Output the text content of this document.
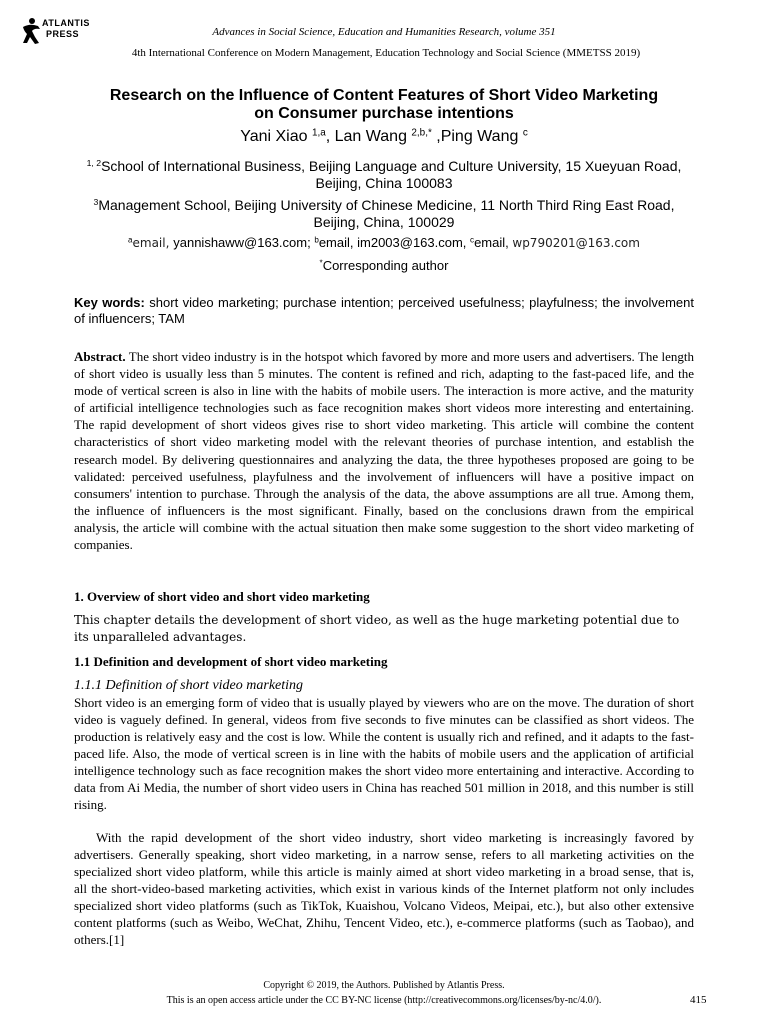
ATLANTIS
PRESS	Advances in Social Science, Education and Humanities Research, volume 351
4th International Conference on Modern Management, Education Technology and Social Science (MMETSS 2019)
Research on the Influence of Content Features of Short Video Marketing
on Consumer purchase intentions
Yani Xiao $^{1,a}$, Lan Wang $^{2,b,*}$ ,Ping Wang $^c$
$^{1, 2}$School of International Business, Beijing Language and Culture University, 15 Xueyuan Road,
Beijing, China 100083
$^3$Management School, Beijing University of Chinese Medicine, 11 North Third Ring East Road,
Beijing, China, 100029
$^a$email, yannishaww@163.com; $^b$email, im2003@163.com, $^c$email, wp790201@163.com
*Corresponding author
Key words: short video marketing; purchase intention; perceived usefulness; playfulness; the involvement of influencers; TAM
Abstract. The short video industry is in the hotspot which favored by more and more users and advertisers. The length of short video is usually less than 5 minutes. The content is refined and rich, adapting to the fast-paced life, and the mode of vertical screen is also in line with the habits of mobile users. The interaction is more active, and the maturity of artificial intelligence technologies such as face recognition makes short videos more interesting and entertaining. The rapid development of short videos gives rise to short video marketing. This article will combine the content characteristics of short video marketing model with the relevant theories of purchase intention, and establish the research model. By delivering questionnaires and analyzing the data, the three hypotheses proposed are going to be validated: perceived usefulness, playfulness and the involvement of influencers will have a positive impact on consumers' intention to purchase. Through the analysis of the data, the above assumptions are all true. Among them, the influence of influencers is the most significant. Finally, based on the conclusions drawn from the empirical analysis, the article will combine with the actual situation then make some suggestion to the short video marketing of companies.
1. Overview of short video and short video marketing
This chapter details the development of short video, as well as the huge marketing potential due to its unparalleled advantages.
1.1 Definition and development of short video marketing
1.1.1 Definition of short video marketing
Short video is an emerging form of video that is usually played by viewers who are on the move. The duration of short video is vaguely defined. In general, videos from five seconds to five minutes can be classified as short videos. The production is relatively easy and the cost is low. While the content is usually rich and refined, and it adapts to the fast-paced life. Also, the mode of vertical screen is in line with the habits of mobile users and the application of artificial intelligence technology such as face recognition makes the short video more entertaining and interactive. According to data from Ai Media, the number of short video users in China has reached 501 million in 2018, and this number is still rising.
With the rapid development of the short video industry, short video marketing is increasingly favored by advertisers. Generally speaking, short video marketing, in a narrow sense, refers to all marketing activities on the specialized short video platform, while this article is mainly aimed at short video marketing in a broad sense, that is, all the short-video-based marketing activities, which exist in various kinds of the Internet platform not only includes specialized short video platforms (such as TikTok, Kuaishou, Volcano Videos, Meipai, etc.), but also other extensive content platforms (such as Weibo, WeChat, Zhihu, Tencent Video, etc.), e-commerce platforms (such as Taobao), and others.[1]
Copyright © 2019, the Authors. Published by Atlantis Press.
This is an open access article under the CC BY-NC license (http://creativecommons.org/licenses/by-nc/4.0/).	415
